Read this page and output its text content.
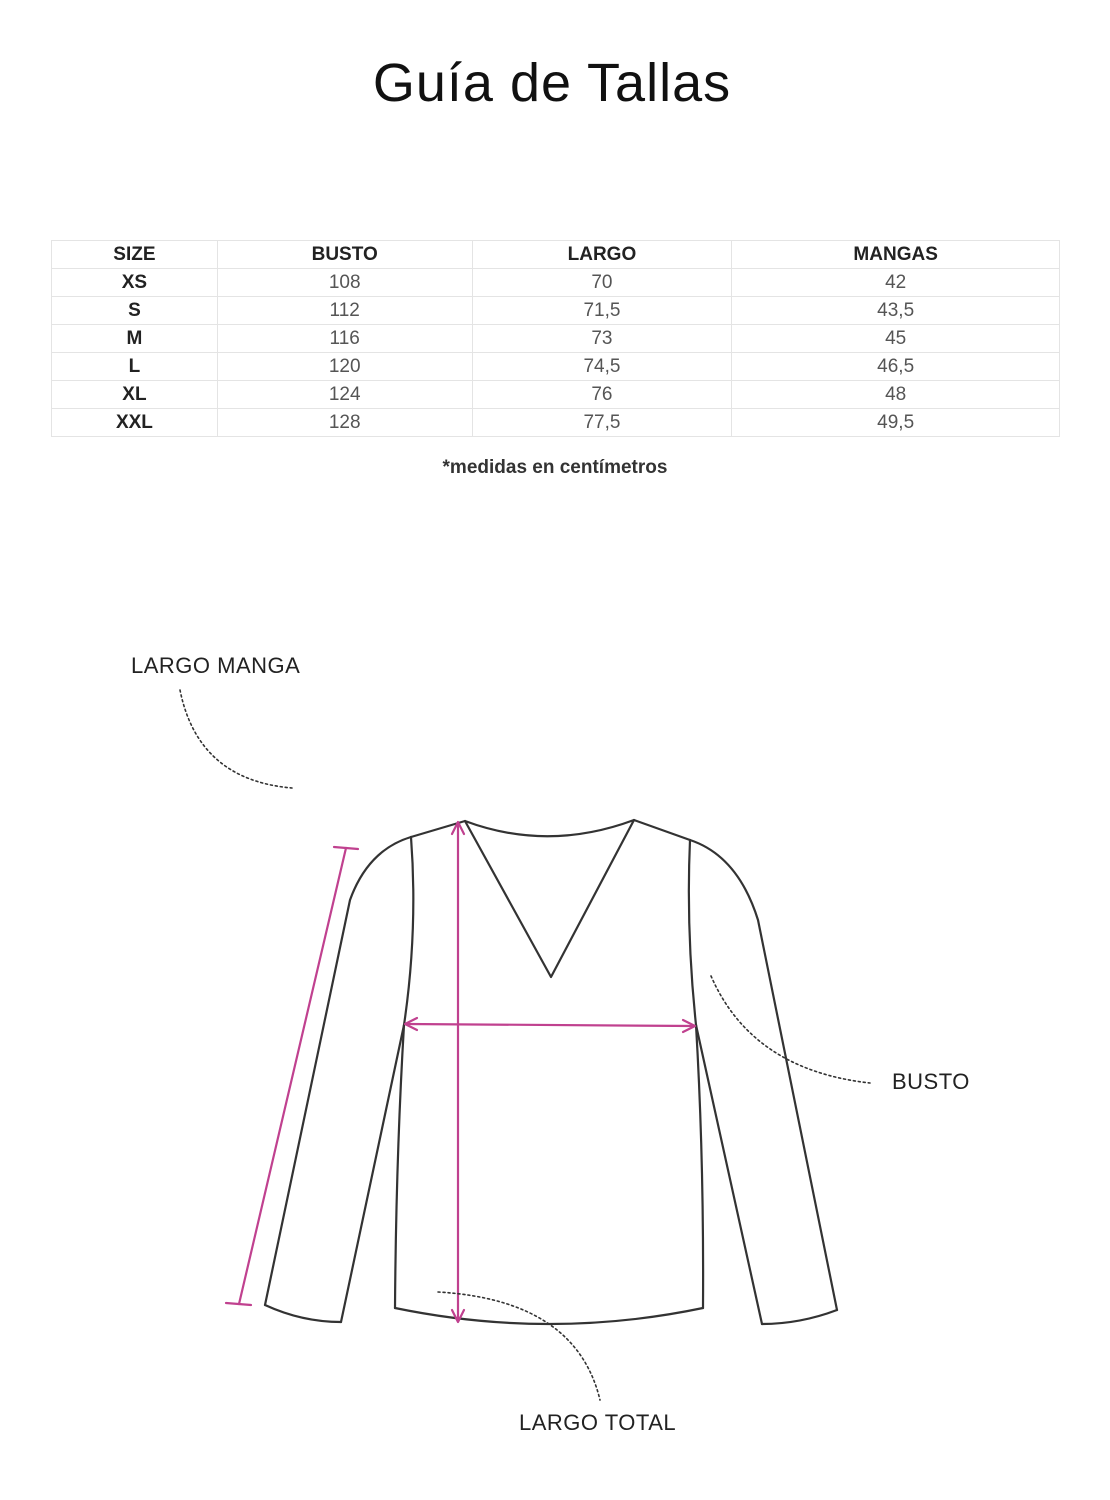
Guía de Tallas
SIZE	BUSTO	LARGO	MANGAS
XS	108	70	42
S	112	71,5	43,5
M	116	73	45
L	120	74,5	46,5
XL	124	76	48
XXL	128	77,5	49,5
*medidas en centímetros
LARGO MANGA
BUSTO
LARGO TOTAL
